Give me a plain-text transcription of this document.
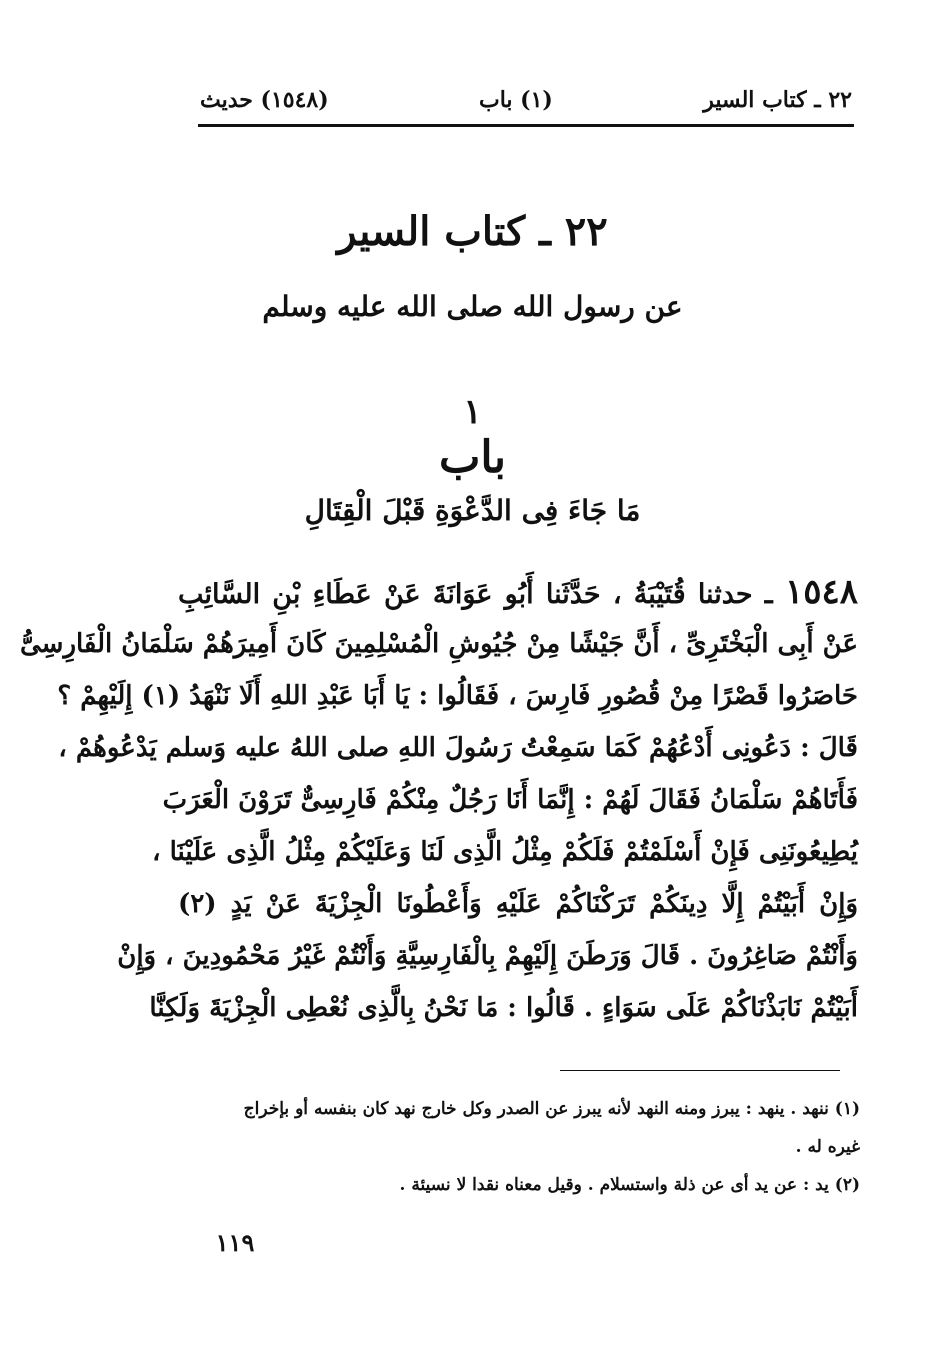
٢٢ ـ كتاب السير
(١) باب
(١٥٤٨) حديث
٢٢ ـ كتاب السير
عن رسول الله صلى الله عليه وسلم
١
باب
مَا جَاءَ فِى الدَّعْوَةِ قَبْلَ الْقِتَالِ
١٥٤٨ ـ حدثنا قُتَيْبَةُ ، حَدَّثَنا أَبُو عَوَانَةَ عَنْ عَطَاءِ بْنِ السَّائِبِ
عَنْ أَبِى الْبَخْتَرِىِّ ، أَنَّ جَيْشًا مِنْ جُيُوشِ الْمُسْلِمِينَ كَانَ أَمِيرَهُمْ سَلْمَانُ الْفَارِسِىُّ
حَاصَرُوا قَصْرًا مِنْ قُصُورِ فَارِسَ ، فَقَالُوا : يَا أَبَا عَبْدِ اللهِ أَلَا نَنْهَدُ (١) إِلَيْهِمْ ؟
قَالَ : دَعُونِى أَدْعُهُمْ كَمَا سَمِعْتُ رَسُولَ اللهِ صلى اللهُ عليه وَسلم يَدْعُوهُمْ ،
فَأَتَاهُمْ سَلْمَانُ فَقَالَ لَهُمْ : إِنَّمَا أَنَا رَجُلٌ مِنْكُمْ فَارِسِىٌّ تَرَوْنَ الْعَرَبَ
يُطِيعُونَنِى فَإِنْ أَسْلَمْتُمْ فَلَكُمْ مِثْلُ الَّذِى لَنَا وَعَلَيْكُمْ مِثْلُ الَّذِى عَلَيْنَا ،
وَإِنْ أَبَيْتُمْ إِلَّا دِينَكُمْ تَرَكْنَاكُمْ عَلَيْهِ وَأَعْطُونَا الْجِزْيَةَ عَنْ يَدٍ (٢)
وَأَنْتُمْ صَاغِرُونَ . قَالَ وَرَطَنَ إِلَيْهِمْ بِالْفَارِسِيَّةِ وَأَنْتُمْ غَيْرُ مَحْمُودِينَ ، وَإِنْ
أَبَيْتُمْ نَابَذْنَاكُمْ عَلَى سَوَاءٍ . قَالُوا : مَا نَحْنُ بِالَّذِى نُعْطِى الْجِزْيَةَ وَلَكِنَّا
(١) ننهد . ينهد : يبرز ومنه النهد لأنه يبرز عن الصدر وكل خارج نهد كان بنفسه أو بإخراج
غيره له .
(٢) يد : عن يد أى عن ذلة واستسلام . وقيل معناه نقدا لا نسيئة .
١١٩
